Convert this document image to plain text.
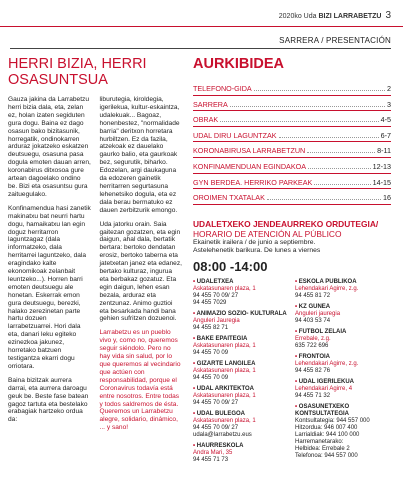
2020ko Uda BIZI LARRABETZU 3
SARRERA / PRESENTACIÓN
HERRI BIZIA, HERRI OSASUNTSUA

Gauza jakina da Larrabetzu herri bizia dala, eta, zelan ez, holan izaten segiduten gura dogu. Baina ez dago osasun bako bizitasunik, horregatik, ondinokarren arduraz jokatzeko eskatzen deutsuegu, osasuna pasa dogula emoten dauan arren, koronabirus ditxosoa gure artean dagoelako ondino be. Bizi eta osasuntsu gura zaituegulako.

Konfinamendua hasi zanetik makinatxu bat neurri hartu dogu, hamaikatxu lan egin doguz herritarron laguntzagaz (dala informatzeko, dala herritarrei laguntzeko, dala eragindako kalte ekonomikoak zelanbait leuntzeko...). Horren barri emoten deutsuegu ale honetan. Eskerrak emon gura deutsuegu, berezki, halako zerezinetan parte hartu dozuen larrabetzuarrei. Hori dala eta, danari leku egiteko ezinezkoa jakunez, horretako batzuen testigantza ekarri dogu orriotara.

Baina bizitzak aurrera darrai, eta aurrera daroagu geuk be. Beste fase batean gagoz tartuta eta bestelako erabagiak hartzeko ordua da:

liburutegia, kiroldegia, igerilekua, kultur-eskaintza, udalekuak... Bagoaz, honenbestez, "normalidade barria" deritxon horretara hurbiltzen. Ez da fazila, atzekoak ez dauelako gaurko balio, eta gaurkoak bez, segurutik, biharko. Edozelan, argi daukaguna da edozeren gainetik herritarren segurtasuna lehenetsiko dogula, eta ez dala berau bermatuko ez dauen zerbitzurik emongo.

Uda jatorku orain. Saia gaitezan gozatzen, eta egin daigun, ahal dala, bertatik bertara: bertoko dendatan erosiz, bertoko taberna eta jatetxetan janez eta edanez, bertako kulturaz, ingurua eta berbakaz gozatuz. Eta egin daigun, lehen esan bezala, arduraz eta zentzunaz. Animo guztioi eta besarkada handi bana gehien sufritzen dozuenoi.

Larrabetzu es un pueblo vivo y, como no, queremos seguir siéndolo. Pero no hay vida sin salud, por lo que queremos al vecindario que actúen con responsabilidad, porque el Coronavirus todavía está entre nosotros. Entre todas y todos saldremos de ésta. Queremos un Larrabetzu alegre, solidario, dinámico, ... y sano!

AURKIBIDEA
TELEFONO-GIDA	2
SARRERA	3
OBRAK	4-5
UDAL DIRU LAGUNTZAK	6-7
KORONABIRUSA LARRABETZUN	8-11
KONFINAMENDUAN EGINDAKOA	12-13
GYN BERDEA. HERRIKO PARKEAK	14-15
OROIMEN TXATALAK	16
UDALETXEKO JENDEAURREKO ORDUTEGIA/
HORARIO DE ATENCIÓN AL PÚBLICO
Ekainetik irailera / de junio a septiembre.
Astelehenetik barikura. De lunes a viernes
08:00 -14:00
• UDALETXEA
Askatasunaren plaza, 1
94 455 70 09/ 27
94 455 7029
• ANIMAZIO SOZIO- KULTURALA
Anguleri Jauregia
94 455 82 71
• BAKE EPAITEGIA
Askatasunaren plaza, 1
94 455 70 09
• GIZARTE LANGILEA
Askatasunaren plaza, 1
94 455 70 09
• UDAL ARKITEKTOA
Askatasunaren plaza, 1
94 455 70 09/ 27
• UDAL BULEGOA
Askatasunaren plaza, 1
94 455 70 09/ 27
udala@larrabetzu.eus
• HAURRESKOLA
Andra Mari, 35
94 455 71 73
• ESKOLA PUBLIKOA
Lehendakari Agirre, z.g.
94 455 81 72
• KZ GUNEA
Anguleri jauregia
94 403 53 74
• FUTBOL ZELAIA
Errebale, z.g.
635 722 696
• FRONTOIA
Lehendakari Agirre, z.g.
94 455 82 76
• UDAL IGERILEKUA
Lehendakari Agirre, 4
94 455 71 32
• OSASUNETXEKO KONTSULTATEGIA
Kontsultategia: 944 557 000
Hitzordua: 946 007 400
Larrialdiak: 944 100 000
Harremanetarako:
Helbidea: Errebale 2
Telefonoa: 944 557 000
